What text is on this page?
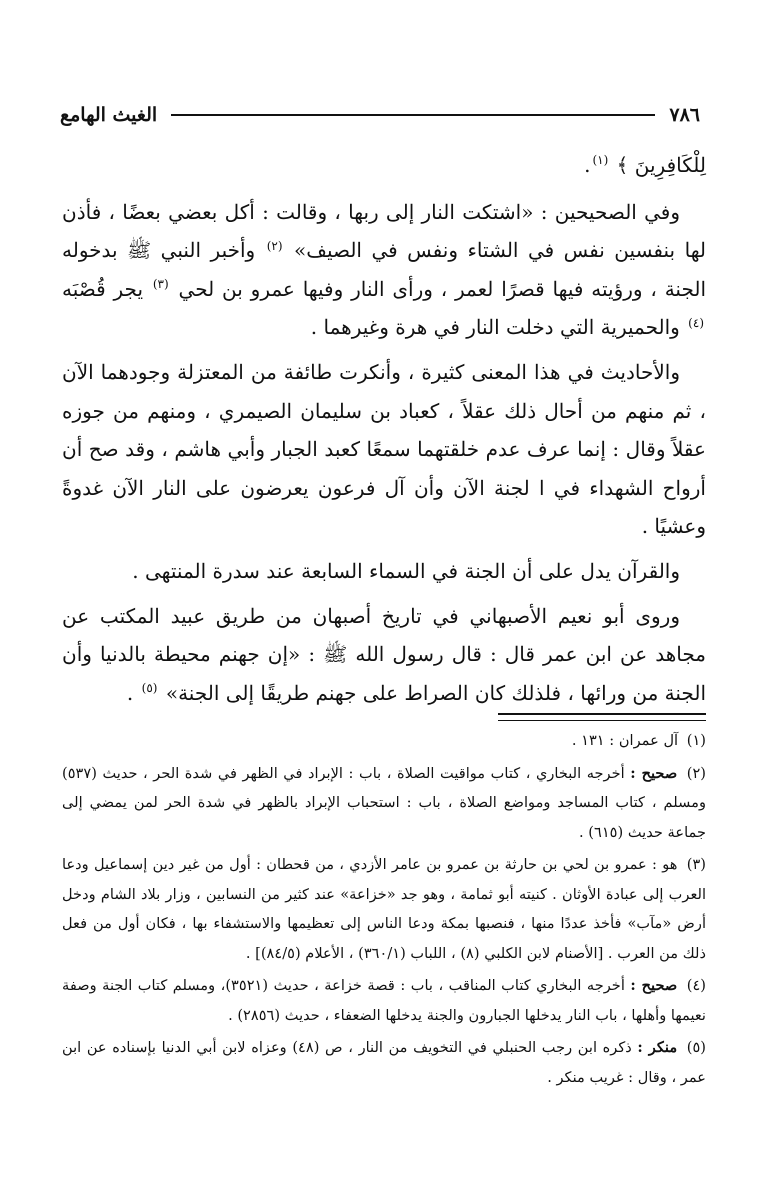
٧٨٦
الغيث الهامع

لِلْكَافِرِينَ ﴾ $^{(١)}$.

وفي الصحيحين : «اشتكت النار إلى ربها ، وقالت : أكل بعضي بعضًا ، فأذن لها بنفسين نفس في الشتاء ونفس في الصيف» $^{(٢)}$ وأخبر النبي ﷺ بدخوله الجنة ، ورؤيته فيها قصرًا لعمر ، ورأى النار وفيها عمرو بن لحي $^{(٣)}$ يجر قُصْبَه $^{(٤)}$ والحميرية التي دخلت النار في هرة وغيرهما .

والأحاديث في هذا المعنى كثيرة ، وأنكرت طائفة من المعتزلة وجودهما الآن ، ثم منهم من أحال ذلك عقلاً ، كعباد بن سليمان الصيمري ، ومنهم من جوزه عقلاً وقال : إنما عرف عدم خلقتهما سمعًا كعبد الجبار وأبي هاشم ، وقد صح أن أرواح الشهداء في ا لجنة الآن وأن آل فرعون يعرضون على النار الآن غدوةً وعشيًا .

والقرآن يدل على أن الجنة في السماء السابعة عند سدرة المنتهى .

وروى أبو نعيم الأصبهاني في تاريخ أصبهان من طريق عبيد المكتب عن مجاهد عن ابن عمر قال : قال رسول الله ﷺ : «إن جهنم محيطة بالدنيا وأن الجنة من ورائها ، فلذلك كان الصراط على جهنم طريقًا إلى الجنة» $^{(٥)}$ .

(١) آل عمران : ١٣١ .

(٢) صحيح : أخرجه البخاري ، كتاب مواقيت الصلاة ، باب : الإبراد في الظهر في شدة الحر ، حديث (٥٣٧) ومسلم ، كتاب المساجد ومواضع الصلاة ، باب : استحباب الإبراد بالظهر في شدة الحر لمن يمضي إلى جماعة حديث (٦١٥) .

(٣) هو : عمرو بن لحي بن حارثة بن عمرو بن عامر الأزدي ، من قحطان : أول من غير دين إسماعيل ودعا العرب إلى عبادة الأوثان . كنيته أبو ثمامة ، وهو جد «خزاعة» عند كثير من النسابين ، وزار بلاد الشام ودخل أرض «مآب» فأخذ عددًا منها ، فنصبها بمكة ودعا الناس إلى تعظيمها والاستشفاء بها ، فكان أول من فعل ذلك من العرب . [الأصنام لابن الكلبي (٨) ، اللباب (٣٦٠/١) ، الأعلام (٨٤/٥)] .

(٤) صحيح : أخرجه البخاري كتاب المناقب ، باب : قصة خزاعة ، حديث (٣٥٢١)، ومسلم كتاب الجنة وصفة نعيمها وأهلها ، باب النار يدخلها الجبارون والجنة يدخلها الضعفاء ، حديث (٢٨٥٦) .

(٥) منكر : ذكره ابن رجب الحنبلي في التخويف من النار ، ص (٤٨) وعزاه لابن أبي الدنيا بإسناده عن ابن عمر ، وقال : غريب منكر .
